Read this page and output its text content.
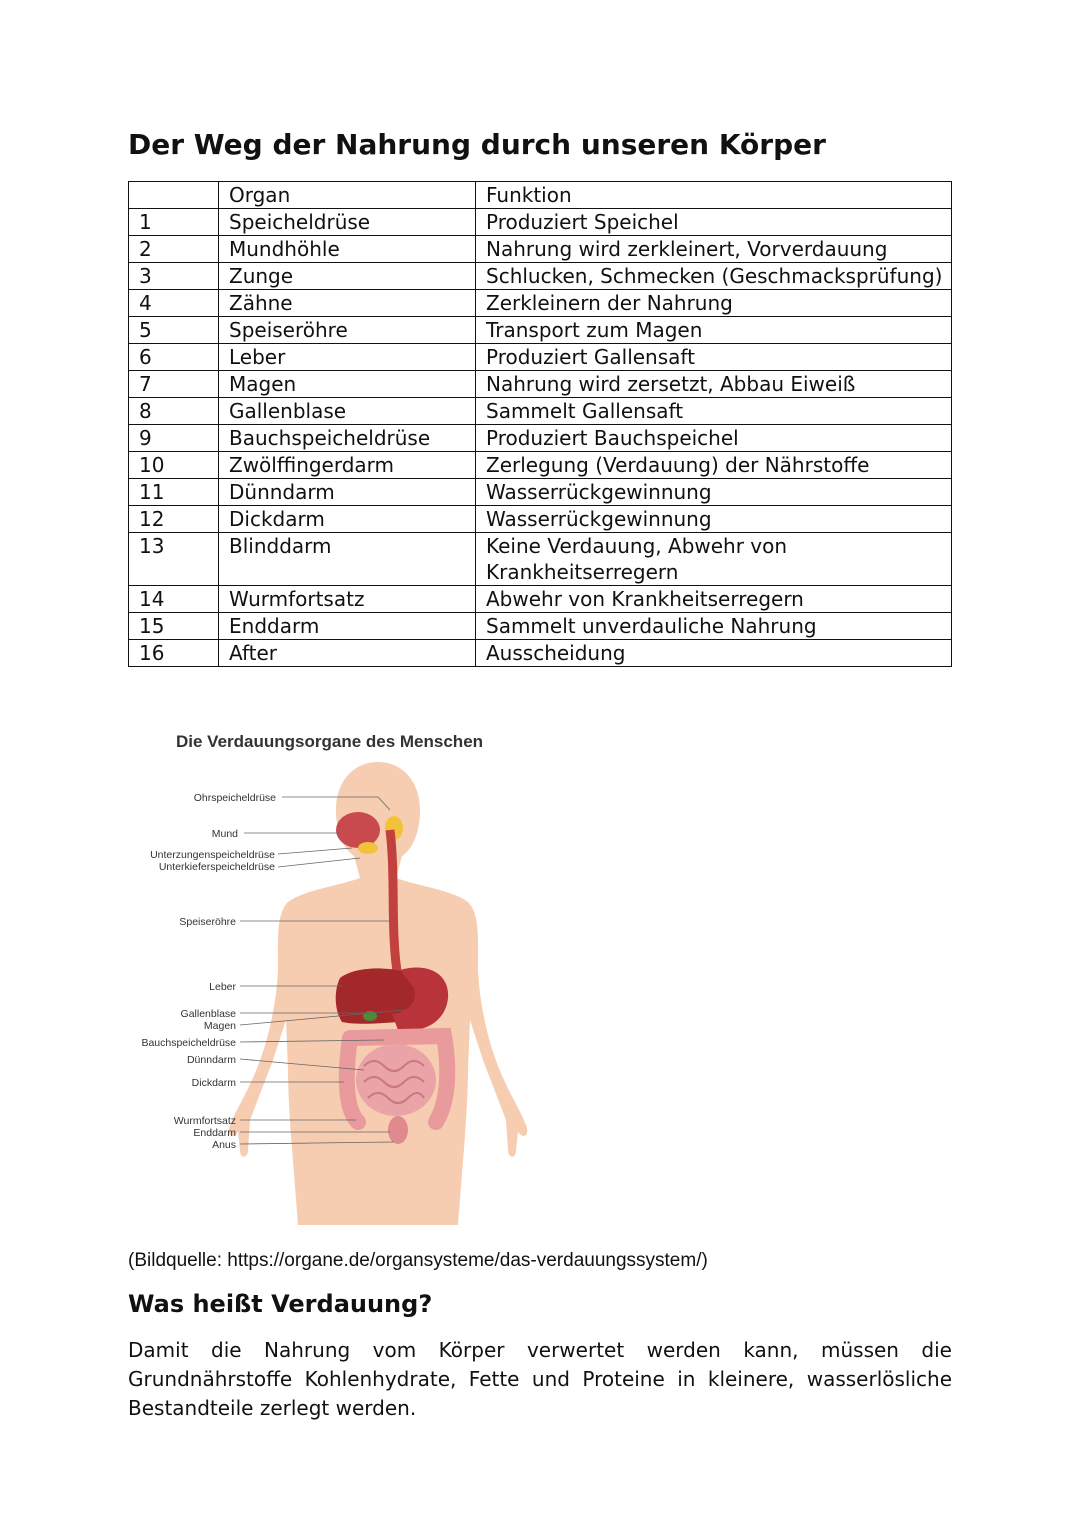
Der Weg der Nahrung durch unseren Körper
	Organ	Funktion
1	Speicheldrüse	Produziert Speichel
2	Mundhöhle	Nahrung wird zerkleinert, Vorverdauung
3	Zunge	Schlucken, Schmecken (Geschmacksprüfung)
4	Zähne	Zerkleinern der Nahrung
5	Speiseröhre	Transport zum Magen
6	Leber	Produziert Gallensaft
7	Magen	Nahrung wird zersetzt, Abbau Eiweiß
8	Gallenblase	Sammelt Gallensaft
9	Bauchspeicheldrüse	Produziert Bauchspeichel
10	Zwölffingerdarm	Zerlegung (Verdauung) der Nährstoffe
11	Dünndarm	Wasserrückgewinnung
12	Dickdarm	Wasserrückgewinnung
13	Blinddarm	Keine Verdauung, Abwehr von Krankheitserregern
14	Wurmfortsatz	Abwehr von Krankheitserregern
15	Enddarm	Sammelt unverdauliche Nahrung
16	After	Ausscheidung
Die Verdauungsorgane des Menschen
Ohrspeicheldrüse
Mund
Unterzungenspeicheldrüse
Unterkieferspeicheldrüse
Speiseröhre
Leber
Gallenblase
Magen
Bauchspeicheldrüse
Dünndarm
Dickdarm
Wurmfortsatz
Enddarm
Anus
(Bildquelle: https://organe.de/organsysteme/das-verdauungssystem/)
Was heißt Verdauung?

Damit die Nahrung vom Körper verwertet werden kann, müssen die Grundnährstoffe Kohlenhydrate, Fette und Proteine in kleinere, wasserlösliche Bestandteile zerlegt werden.
